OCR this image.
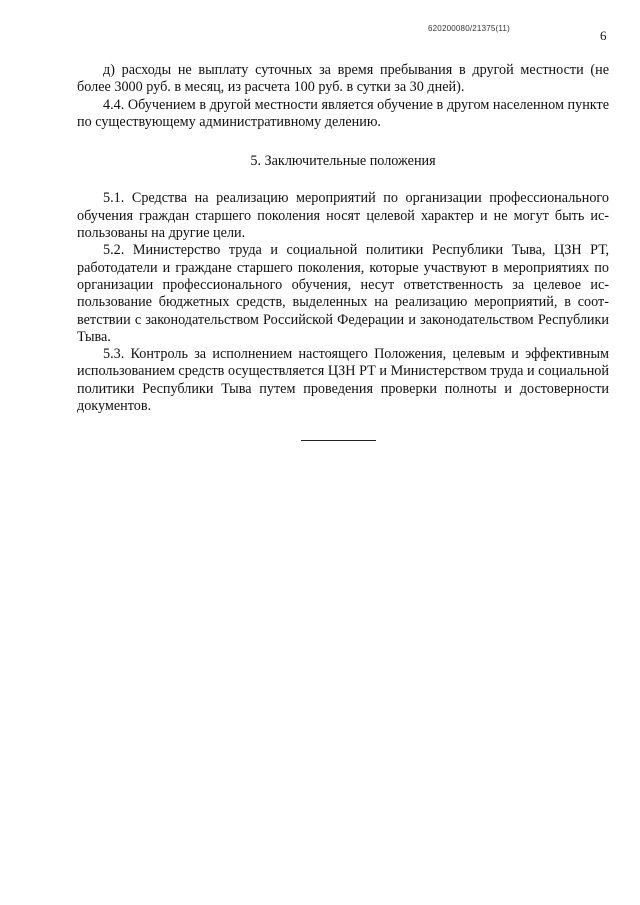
620200080/21375(11)	6

д) расходы не выплату суточных за время пребывания в другой местности (не более 3000 руб. в месяц, из расчета 100 руб. в сутки за 30 дней).

4.4. Обучением в другой местности является обучение в другом населенном пункте по существующему административному делению.

5. Заключительные положения

5.1. Средства на реализацию мероприятий по организации профессионального обучения граждан старшего поколения носят целевой характер и не могут быть использованы на другие цели.

5.2. Министерство труда и социальной политики Республики Тыва, ЦЗН РТ, работодатели и граждане старшего поколения, которые участвуют в мероприятиях по организации профессионального обучения, несут ответственность за целевое использование бюджетных средств, выделенных на реализацию мероприятий, в соответствии с законодательством Российской Федерации и законодательством Республики Тыва.

5.3. Контроль за исполнением настоящего Положения, целевым и эффективным использованием средств осуществляется ЦЗН РТ и Министерством труда и социальной политики Республики Тыва путем проведения проверки полноты и достоверности документов.
